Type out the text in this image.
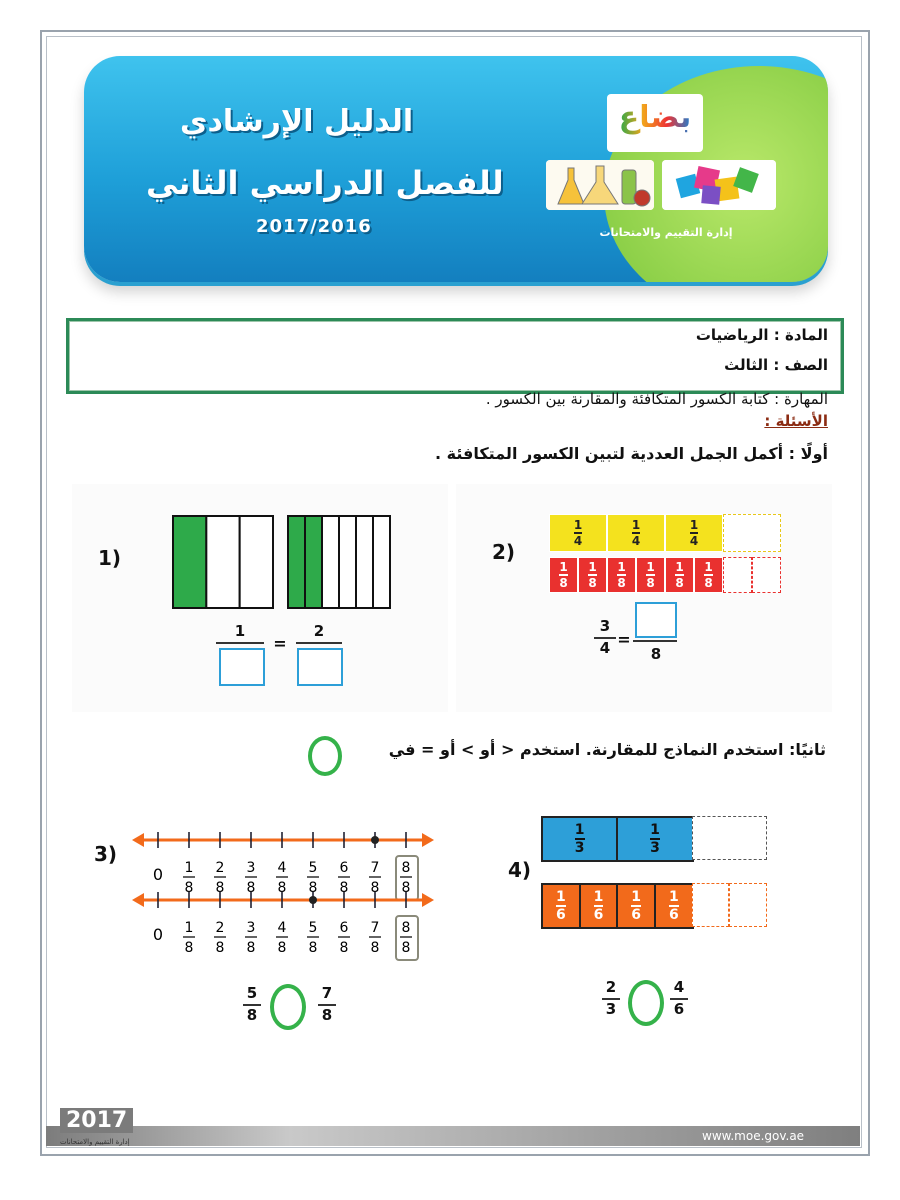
الدليل الإرشادي
للفصل الدراسي الثاني
2017/2016
بضاع
إدارة التقييم والامتحانات
المادة : الرياضيات
الصف : الثالث
المهارة : كتابة الكسور المتكافئة والمقارنة بين الكسور .
الأسئلة :
أولًا : أكمل الجمل العددية لتبين الكسور المتكافئة .
1)
1
=
2
2)
$\frac{1}{4}$	$\frac{1}{4}$	$\frac{1}{4}$
$\frac{1}{8} \frac{1}{8} \frac{1}{8} \frac{1}{8} \frac{1}{8} \frac{1}{8}$
3
4 =
8
ثانيًا: استخدم النماذج للمقارنة. استخدم < أو > أو = في
3)
0 1
8
2
8
3
8
4
8
5
8
6
8
7
8
8
8
0 1
8
2
8
3
8
4
8
5
8
6
8
7
8
8
8
5
8
7
8
4)
$\frac{1}{3}$	$\frac{1}{3}$
$\frac{1}{6} \frac{1}{6} \frac{1}{6} \frac{1}{6}$
2
3
4
6
2017
إدارة التقييم والامتحانات	www.moe.gov.ae
